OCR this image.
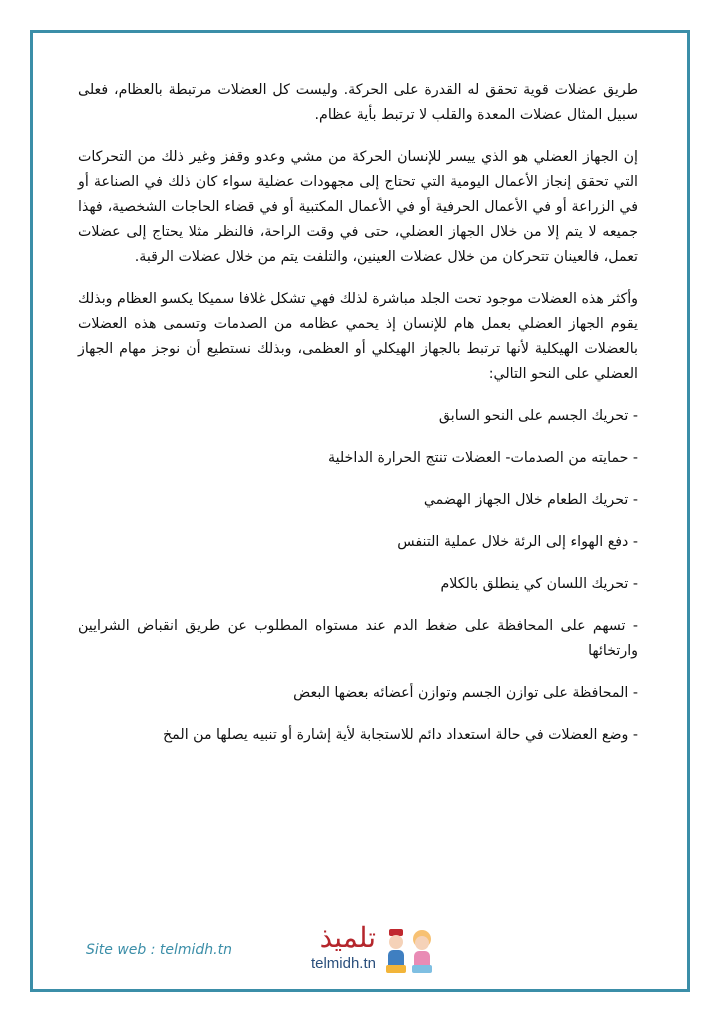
طريق عضلات قوية تحقق له القدرة على الحركة. وليست كل العضلات مرتبطة بالعظام، فعلى سبيل المثال عضلات المعدة والقلب لا ترتبط بأية عظام.

إن الجهاز العضلي هو الذي ييسر للإنسان الحركة من مشي وعدو وقفز وغير ذلك من التحركات التي تحقق إنجاز الأعمال اليومية التي تحتاج إلى مجهودات عضلية سواء كان ذلك في الصناعة أو في الزراعة أو في الأعمال الحرفية أو في الأعمال المكتبية أو في قضاء الحاجات الشخصية، فهذا جميعه لا يتم إلا من خلال الجهاز العضلي، حتى في وقت الراحة، فالنظر مثلا يحتاج إلى عضلات تعمل، فالعينان تتحركان من خلال عضلات العينين، والتلفت يتم من خلال عضلات الرقبة.

وأكثر هذه العضلات موجود تحت الجلد مباشرة لذلك فهي تشكل غلافا سميكا يكسو العظام وبذلك يقوم الجهاز العضلي بعمل هام للإنسان إذ يحمي عظامه من الصدمات وتسمى هذه العضلات بالعضلات الهيكلية لأنها ترتبط بالجهاز الهيكلي أو العظمى، وبذلك نستطيع أن نوجز مهام الجهاز العضلي على النحو التالي:

- تحريك الجسم على النحو السابق

- حمايته من الصدمات- العضلات تنتج الحرارة الداخلية

- تحريك الطعام خلال الجهاز الهضمي

- دفع الهواء إلى الرئة خلال عملية التنفس

- تحريك اللسان كي ينطلق بالكلام

- تسهم على المحافظة على ضغط الدم عند مستواه المطلوب عن طريق انقباض الشرايين وارتخائها

- المحافظة على توازن الجسم وتوازن أعضائه بعضها البعض

- وضع العضلات في حالة استعداد دائم للاستجابة لأية إشارة أو تنبيه يصلها من المخ

Site web : telmidh.tn	تلميذ
telmidh.tn
